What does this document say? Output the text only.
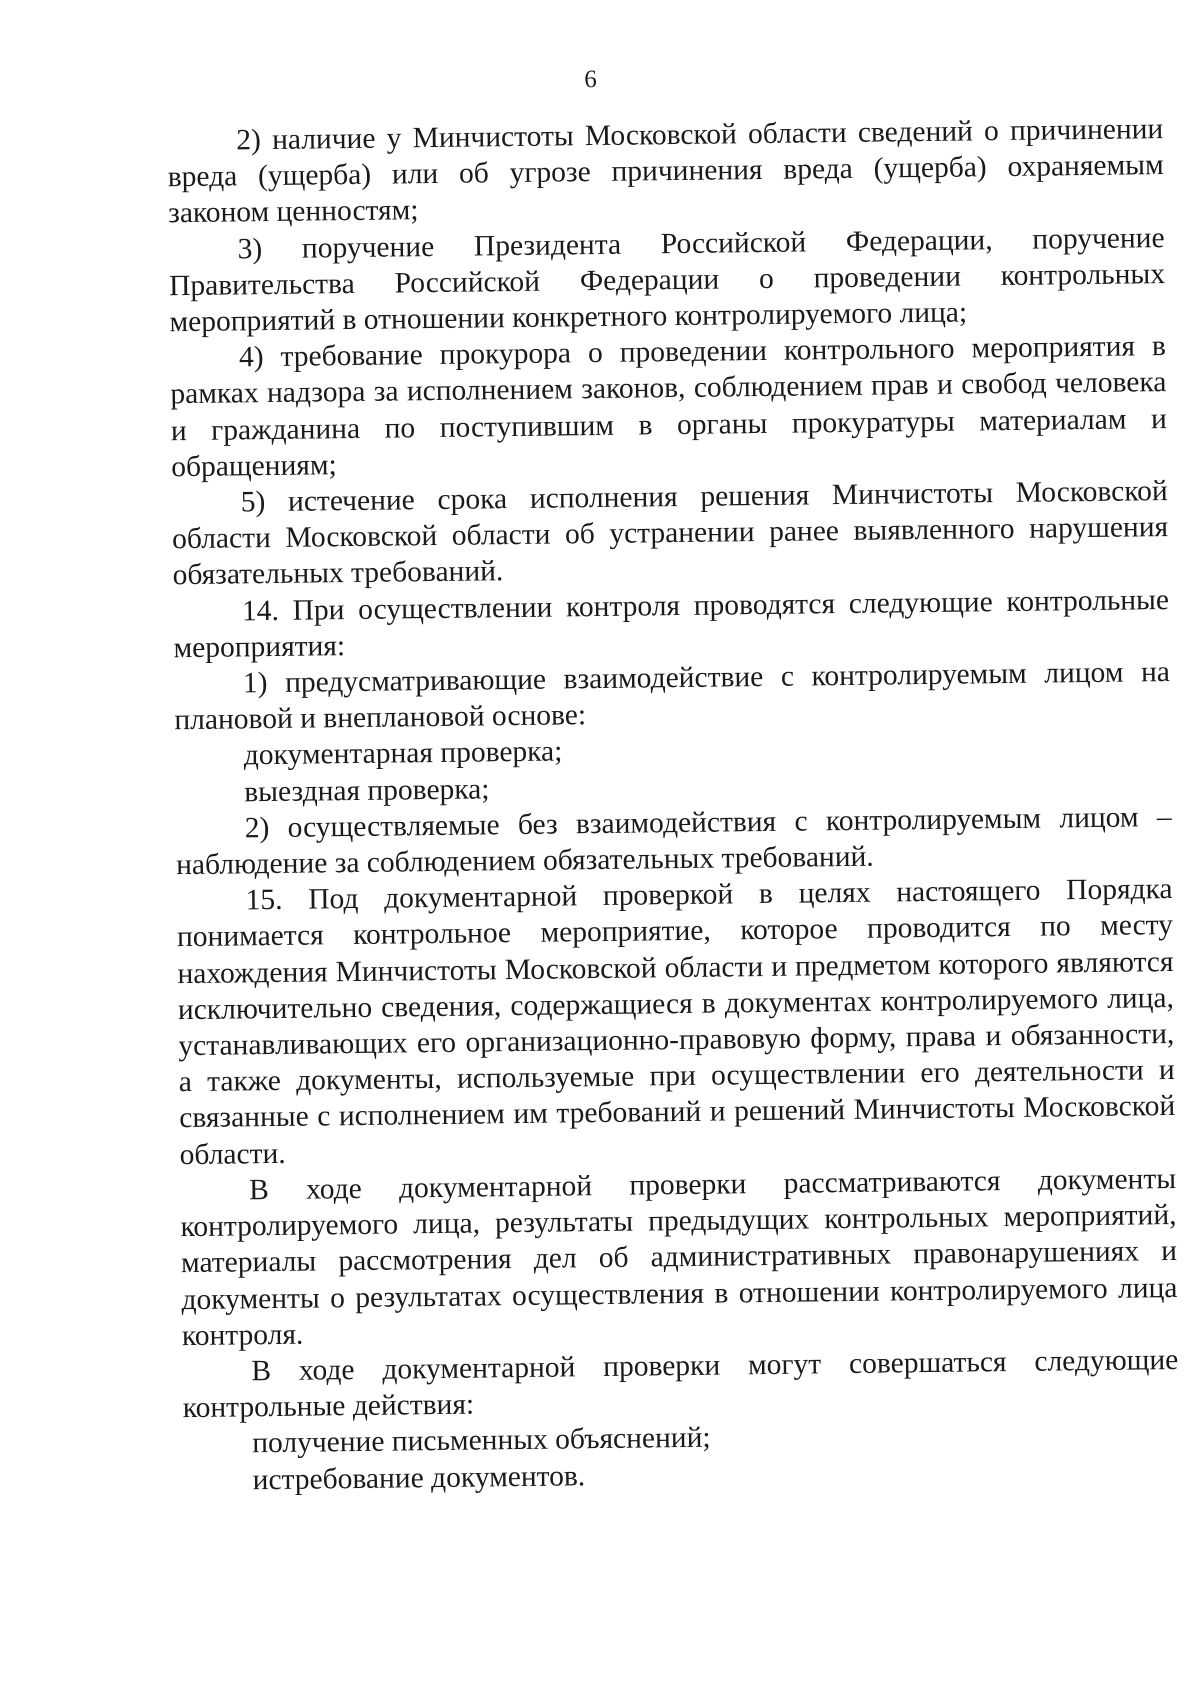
6

2) наличие у Минчистоты Московской области сведений о причинении вреда (ущерба) или об угрозе причинения вреда (ущерба) охраняемым законом ценностям;

3) поручение Президента Российской Федерации, поручение Правительства Российской Федерации о проведении контрольных мероприятий в отношении конкретного контролируемого лица;

4) требование прокурора о проведении контрольного мероприятия в рамках надзора за исполнением законов, соблюдением прав и свобод человека и гражданина по поступившим в органы прокуратуры материалам и обращениям;

5) истечение срока исполнения решения Минчистоты Московской области Московской области об устранении ранее выявленного нарушения обязательных требований.

14. При осуществлении контроля проводятся следующие контрольные мероприятия:

1) предусматривающие взаимодействие с контролируемым лицом на плановой и внеплановой основе:

документарная проверка;

выездная проверка;

2) осуществляемые без взаимодействия с контролируемым лицом – наблюдение за соблюдением обязательных требований.

15. Под документарной проверкой в целях настоящего Порядка понимается контрольное мероприятие, которое проводится по месту нахождения Минчистоты Московской области и предметом которого являются исключительно сведения, содержащиеся в документах контролируемого лица, устанавливающих его организационно-правовую форму, права и обязанности, а также документы, используемые при осуществлении его деятельности и связанные с исполнением им требований и решений Минчистоты Московской области.

В ходе документарной проверки рассматриваются документы контролируемого лица, результаты предыдущих контрольных мероприятий, материалы рассмотрения дел об административных правонарушениях и документы о результатах осуществления в отношении контролируемого лица контроля.

В ходе документарной проверки могут совершаться следующие контрольные действия:

получение письменных объяснений;

истребование документов.
